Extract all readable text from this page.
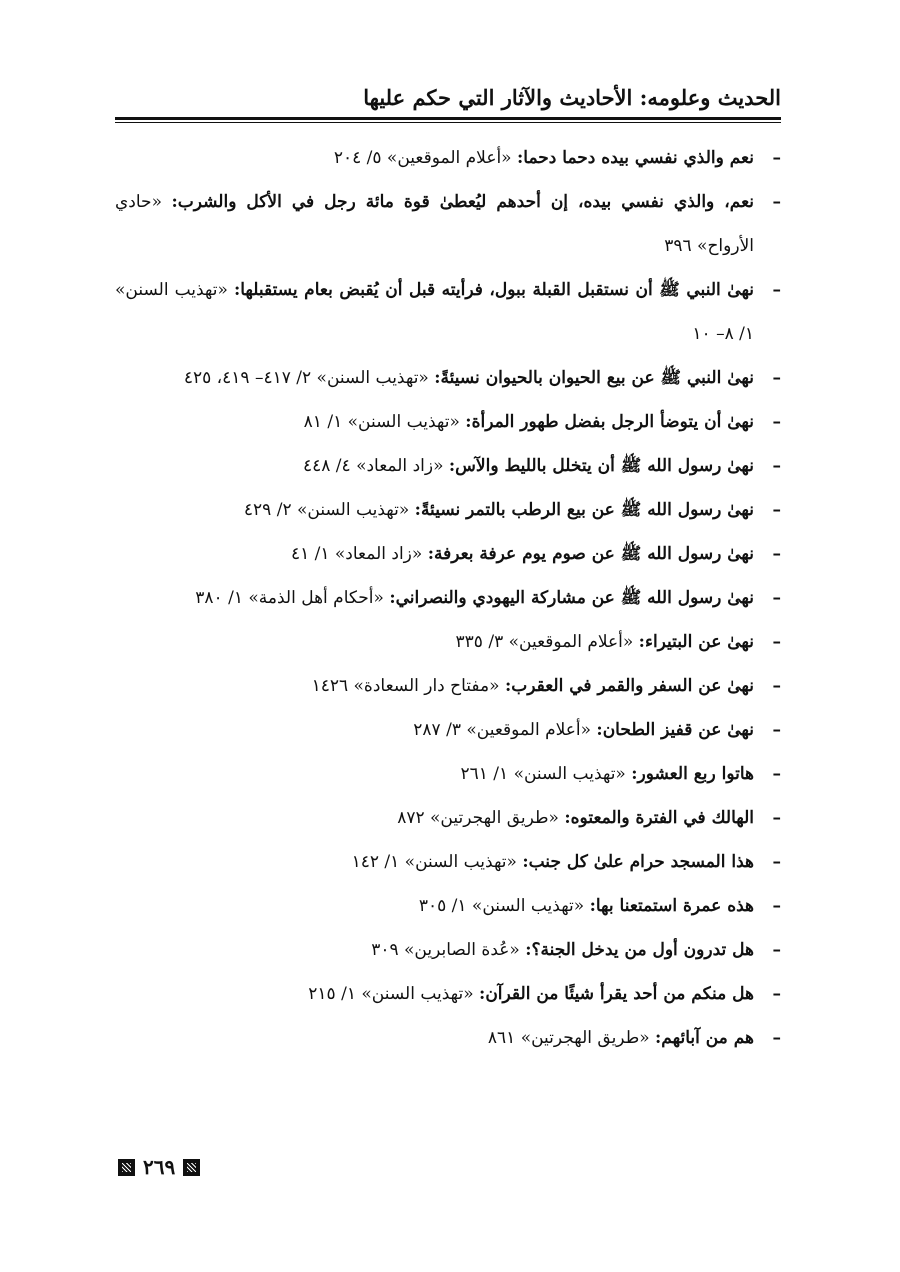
الحديث وعلومه: الأحاديث والآثار التي حكم عليها
–
نعم والذي نفسي بيده دحما دحما: «أعلام الموقعين» ٥/ ٢٠٤
–
نعم، والذي نفسي بيده، إن أحدهم ليُعطىٰ قوة مائة رجل في الأكل والشرب: «حادي الأرواح» ٣٩٦
–
نهىٰ النبي ﷺ أن نستقبل القبلة ببول، فرأيته قبل أن يُقبض بعام يستقبلها: «تهذيب السنن» ١/ ٨– ١٠
–
نهىٰ النبي ﷺ عن بيع الحيوان بالحيوان نسيئةً: «تهذيب السنن» ٢/ ٤١٧– ٤١٩، ٤٢٥
–
نهىٰ أن يتوضأ الرجل بفضل طهور المرأة: «تهذيب السنن» ١/ ٨١
–
نهىٰ رسول الله ﷺ أن يتخلل بالليط والآس: «زاد المعاد» ٤/ ٤٤٨
–
نهىٰ رسول الله ﷺ عن بيع الرطب بالتمر نسيئةً: «تهذيب السنن» ٢/ ٤٢٩
–
نهىٰ رسول الله ﷺ عن صوم يوم عرفة بعرفة: «زاد المعاد» ١/ ٤١
–
نهىٰ رسول الله ﷺ عن مشاركة اليهودي والنصراني: «أحكام أهل الذمة» ١/ ٣٨٠
–
نهىٰ عن البتيراء: «أعلام الموقعين» ٣/ ٣٣٥
–
نهىٰ عن السفر والقمر في العقرب: «مفتاح دار السعادة» ١٤٢٦
–
نهىٰ عن قفيز الطحان: «أعلام الموقعين» ٣/ ٢٨٧
–
هاتوا ربع العشور: «تهذيب السنن» ١/ ٢٦١
–
الهالك في الفترة والمعتوه: «طريق الهجرتين» ٨٧٢
–
هذا المسجد حرام علىٰ كل جنب: «تهذيب السنن» ١/ ١٤٢
–
هذه عمرة استمتعنا بها: «تهذيب السنن» ١/ ٣٠٥
–
هل تدرون أول من يدخل الجنة؟: «عُدة الصابرين» ٣٠٩
–
هل منكم من أحد يقرأ شيئًا من القرآن: «تهذيب السنن» ١/ ٢١٥
–
هم من آبائهم: «طريق الهجرتين» ٨٦١
٢٦٩
